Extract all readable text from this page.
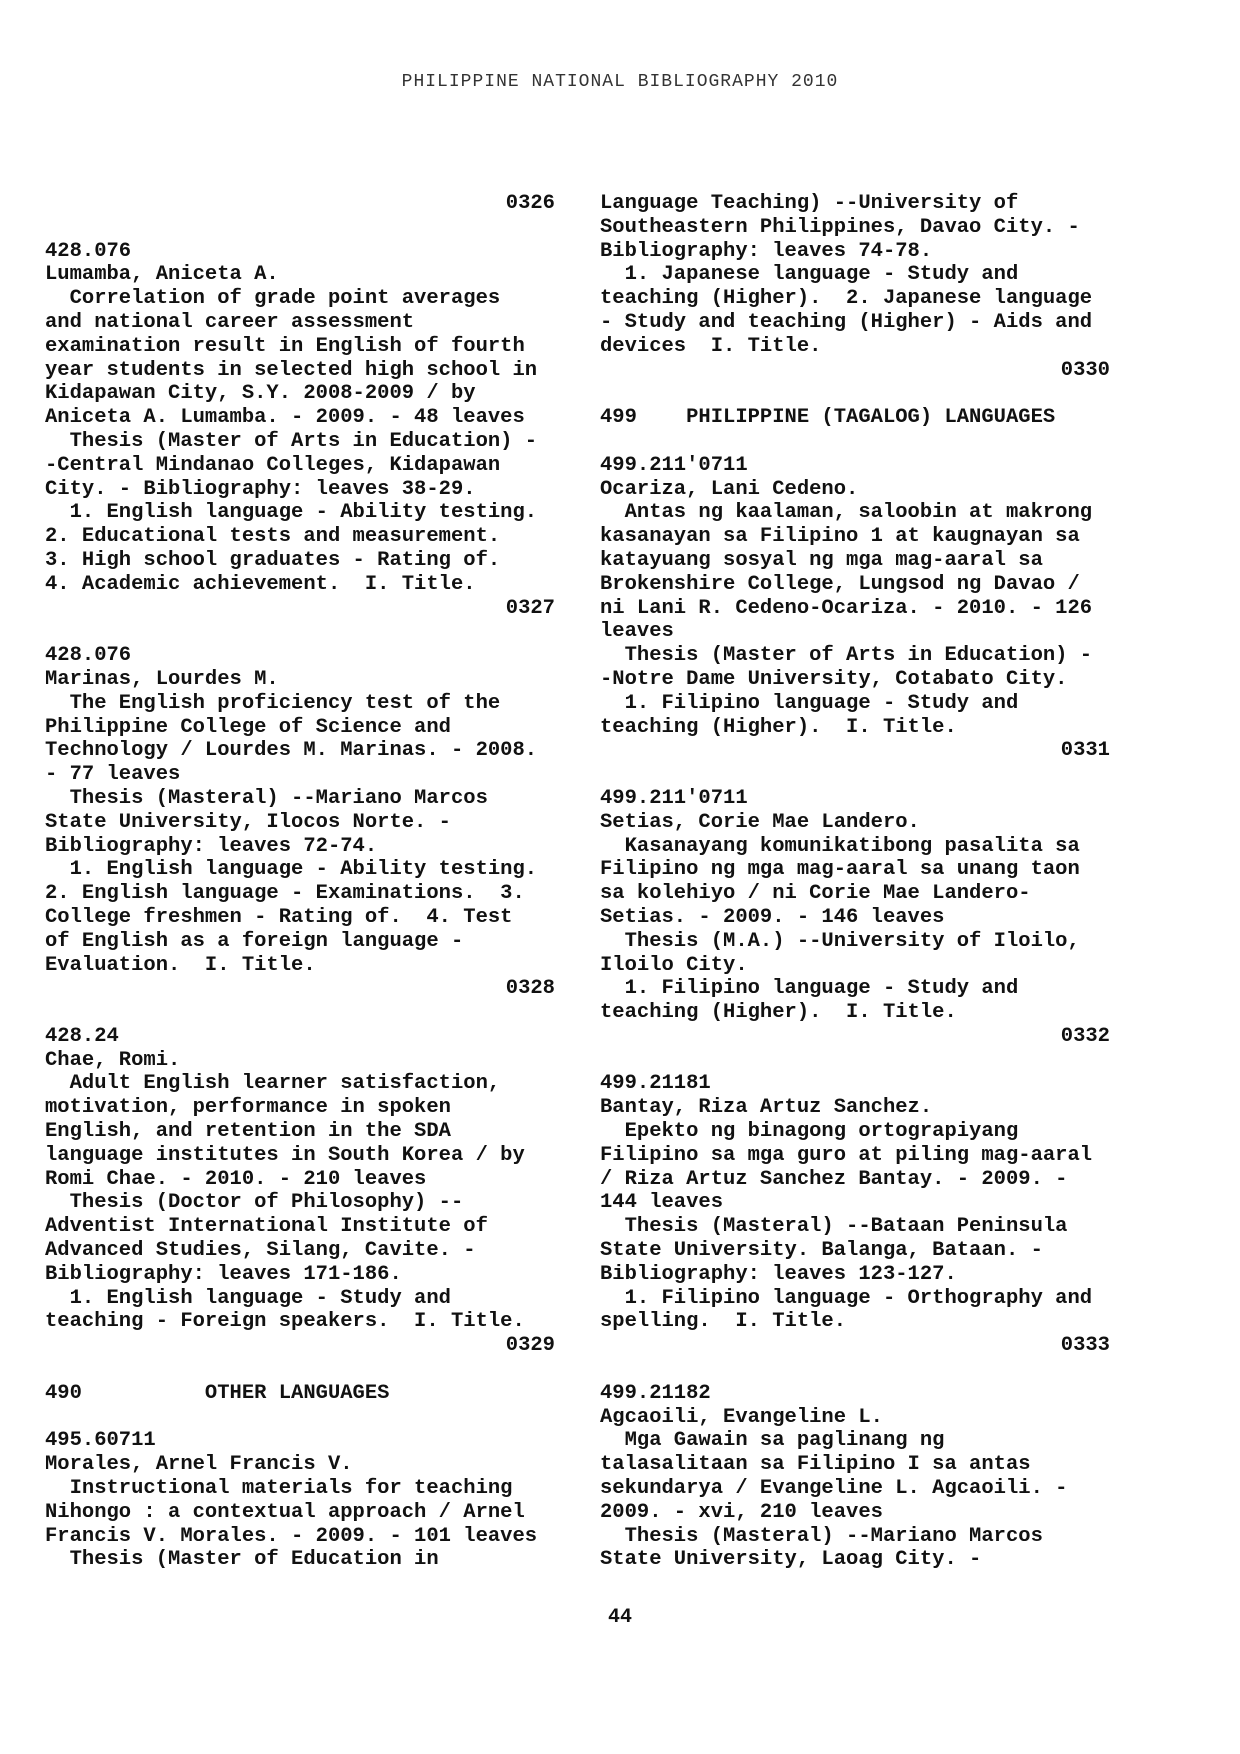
PHILIPPINE NATIONAL BIBLIOGRAPHY 2010
0326
428.076
Lumamba, Aniceta A.
Correlation of grade point averages
and national career assessment
examination result in English of fourth
year students in selected high school in
Kidapawan City, S.Y. 2008-2009 / by
Aniceta A. Lumamba. - 2009. - 48 leaves
Thesis (Master of Arts in Education) -
-Central Mindanao Colleges, Kidapawan
City. - Bibliography: leaves 38-29.
1. English language - Ability testing.
2. Educational tests and measurement.
3. High school graduates - Rating of.
4. Academic achievement.  I. Title.
0327
428.076
Marinas, Lourdes M.
The English proficiency test of the
Philippine College of Science and
Technology / Lourdes M. Marinas. - 2008.
- 77 leaves
Thesis (Masteral) --Mariano Marcos
State University, Ilocos Norte. -
Bibliography: leaves 72-74.
1. English language - Ability testing.
2. English language - Examinations.  3.
College freshmen - Rating of.  4. Test
of English as a foreign language -
Evaluation.  I. Title.
0328
428.24
Chae, Romi.
Adult English learner satisfaction,
motivation, performance in spoken
English, and retention in the SDA
language institutes in South Korea / by
Romi Chae. - 2010. - 210 leaves
Thesis (Doctor of Philosophy) --
Adventist International Institute of
Advanced Studies, Silang, Cavite. -
Bibliography: leaves 171-186.
1. English language - Study and
teaching - Foreign speakers.  I. Title.
0329
490          OTHER LANGUAGES
495.60711
Morales, Arnel Francis V.
Instructional materials for teaching
Nihongo : a contextual approach / Arnel
Francis V. Morales. - 2009. - 101 leaves
Thesis (Master of Education in
Language Teaching) --University of
Southeastern Philippines, Davao City. -
Bibliography: leaves 74-78.
1. Japanese language - Study and
teaching (Higher).  2. Japanese language
- Study and teaching (Higher) - Aids and
devices  I. Title.
0330
499    PHILIPPINE (TAGALOG) LANGUAGES
499.211'0711
Ocariza, Lani Cedeno.
Antas ng kaalaman, saloobin at makrong
kasanayan sa Filipino 1 at kaugnayan sa
katayuang sosyal ng mga mag-aaral sa
Brokenshire College, Lungsod ng Davao /
ni Lani R. Cedeno-Ocariza. - 2010. - 126
leaves
Thesis (Master of Arts in Education) -
-Notre Dame University, Cotabato City.
1. Filipino language - Study and
teaching (Higher).  I. Title.
0331
499.211'0711
Setias, Corie Mae Landero.
Kasanayang komunikatibong pasalita sa
Filipino ng mga mag-aaral sa unang taon
sa kolehiyo / ni Corie Mae Landero-
Setias. - 2009. - 146 leaves
Thesis (M.A.) --University of Iloilo,
Iloilo City.
1. Filipino language - Study and
teaching (Higher).  I. Title.
0332
499.21181
Bantay, Riza Artuz Sanchez.
Epekto ng binagong ortograpiyang
Filipino sa mga guro at piling mag-aaral
/ Riza Artuz Sanchez Bantay. - 2009. -
144 leaves
Thesis (Masteral) --Bataan Peninsula
State University. Balanga, Bataan. -
Bibliography: leaves 123-127.
1. Filipino language - Orthography and
spelling.  I. Title.
0333
499.21182
Agcaoili, Evangeline L.
Mga Gawain sa paglinang ng
talasalitaan sa Filipino I sa antas
sekundarya / Evangeline L. Agcaoili. -
2009. - xvi, 210 leaves
Thesis (Masteral) --Mariano Marcos
State University, Laoag City. -
44
